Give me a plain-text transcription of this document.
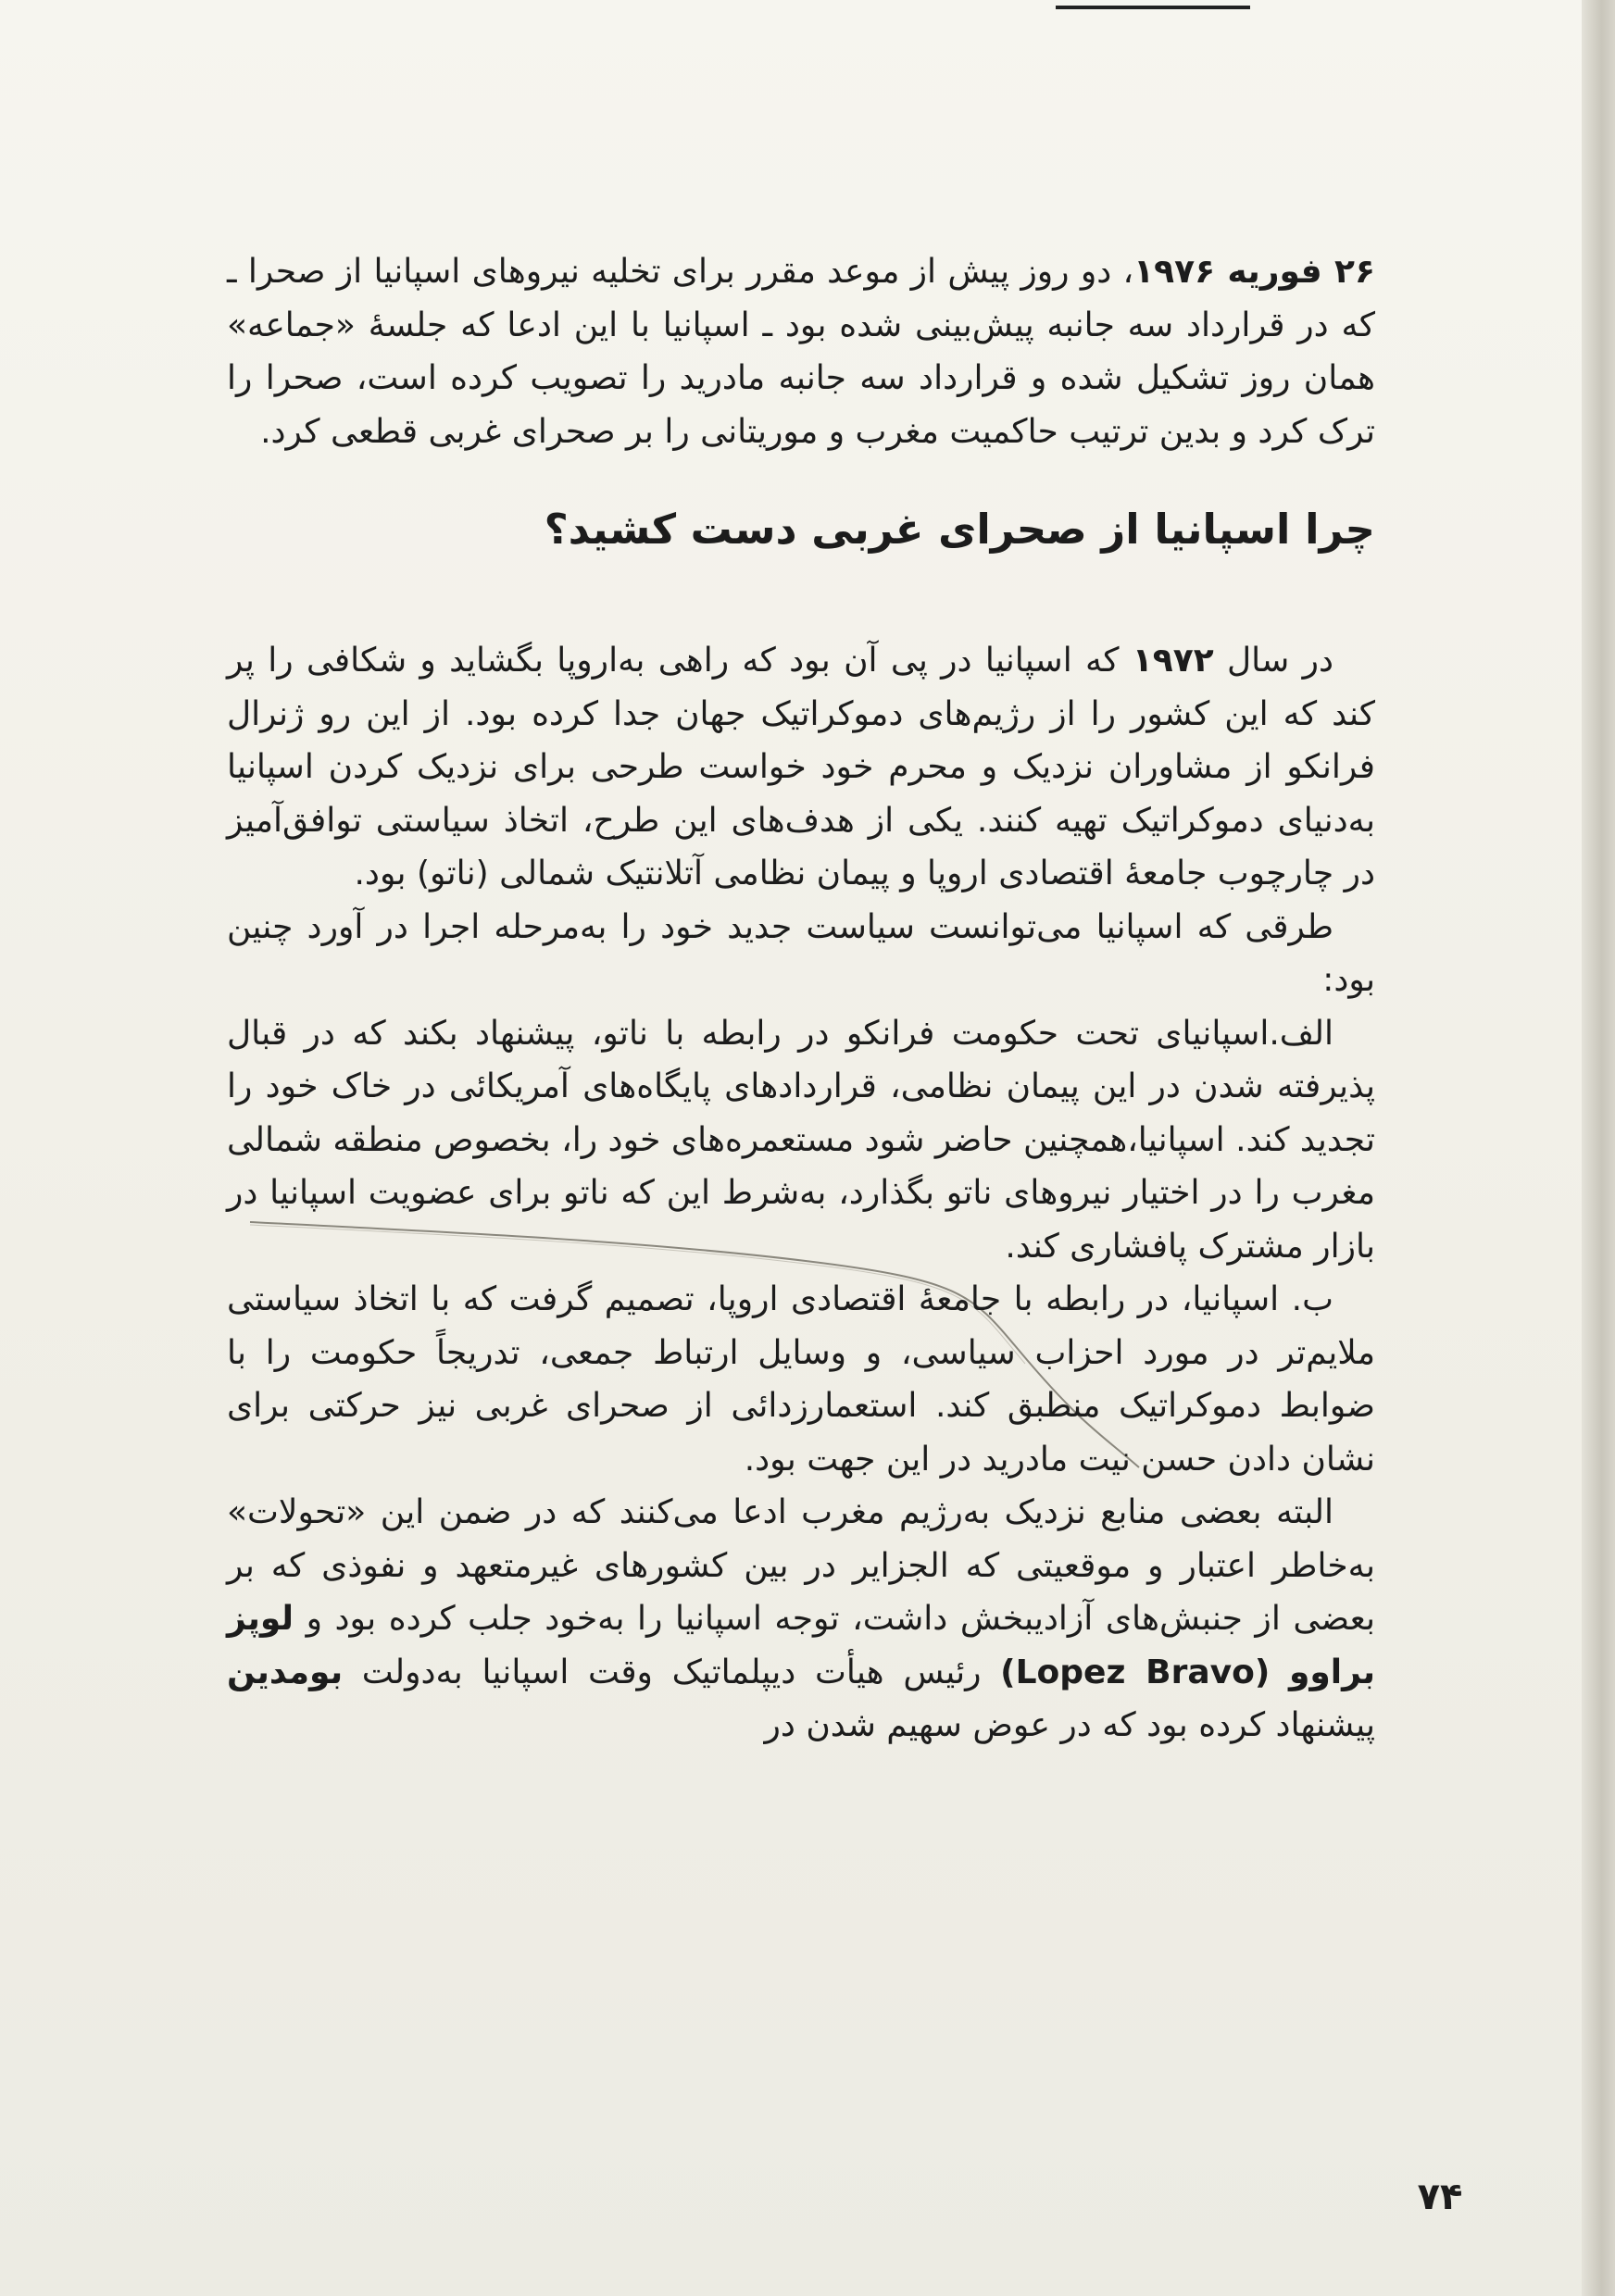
۲۶ فوریه ۱۹۷۶، دو روز پیش از موعد مقرر برای تخلیه نیروهای اسپانیا از صحرا ـ که در قرارداد سه جانبه پیش‌بینی شده بود ـ اسپانیا با این ادعا که جلسهٔ «جماعه» همان روز تشکیل شده و قرارداد سه جانبه مادرید را تصویب کرده است، صحرا را ترک کرد و بدین ترتیب حاکمیت مغرب و موریتانی را بر صحرای غربی قطعی کرد.

چرا اسپانیا از صحرای غربی دست کشید؟

در سال ۱۹۷۲ که اسپانیا در پی آن بود که راهی به‌اروپا بگشاید و شکافی را پر کند که این کشور را از رژیم‌های دموکراتیک جهان جدا کرده بود. از این رو ژنرال فرانکو از مشاوران نزدیک و محرم خود خواست طرحی برای نزدیک کردن اسپانیا به‌دنیای دموکراتیک تهیه کنند. یکی از هدف‌های این طرح، اتخاذ سیاستی توافق‌آمیز در چارچوب جامعهٔ اقتصادی اروپا و پیمان نظامی آتلانتیک شمالی (ناتو) بود.

طرقی که اسپانیا می‌توانست سیاست جدید خود را به‌مرحله اجرا در آورد چنین بود:

الف.اسپانیای تحت حکومت فرانکو در رابطه با ناتو، پیشنهاد بکند که در قبال پذیرفته شدن در این پیمان نظامی، قراردادهای پایگاه‌های آمریکائی در خاک خود را تجدید کند. اسپانیا،همچنین حاضر شود مستعمره‌های خود را، بخصوص منطقه شمالی مغرب را در اختیار نیروهای ناتو بگذارد، به‌شرط این که ناتو برای عضویت اسپانیا در بازار مشترک پافشاری کند.

ب. اسپانیا، در رابطه با جامعهٔ اقتصادی اروپا، تصمیم گرفت که با اتخاذ سیاستی ملایم‌تر در مورد احزاب سیاسی، و وسایل ارتباط جمعی، تدریجاً حکومت را با ضوابط دموکراتیک منطبق کند. استعمارزدائی از صحرای غربی نیز حرکتی برای نشان دادن حسن نیت مادرید در این جهت بود.

البته بعضی منابع نزدیک به‌رژیم مغرب ادعا می‌کنند که در ضمن این «تحولات» به‌خاطر اعتبار و موقعیتی که الجزایر در بین کشورهای غیرمتعهد و نفوذی که بر بعضی از جنبش‌های آزادیبخش داشت، توجه اسپانیا را به‌خود جلب کرده بود و لوپز براوو (Lopez Bravo) رئیس هیأت دیپلماتیک وقت اسپانیا به‌دولت بومدین پیشنهاد کرده بود که در عوض سهیم شدن در

۷۴
